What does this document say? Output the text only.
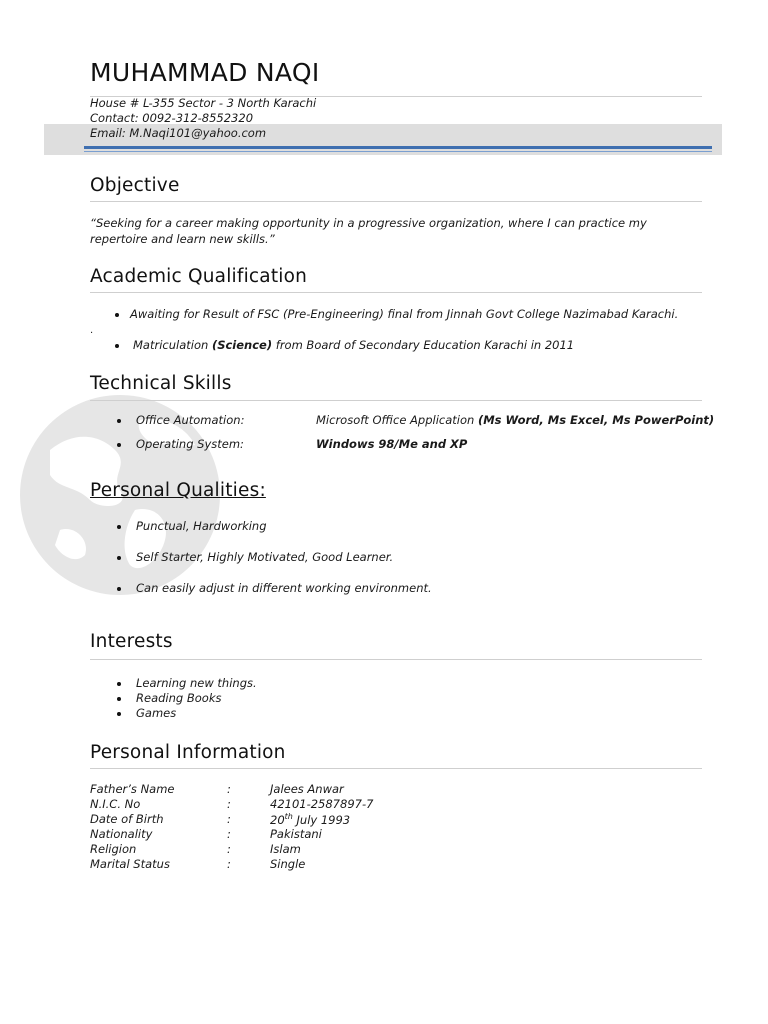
MUHAMMAD NAQI
House # L-355 Sector - 3 North Karachi
Contact: 0092-312-8552320
Email: M.Naqi101@yahoo.com
Objective
“Seeking for a career making opportunity in a progressive organization, where I can practice my repertoire and learn new skills.”
Academic Qualification
Awaiting for Result of FSC (Pre-Engineering) final from Jinnah Govt College Nazimabad Karachi.
.
Matriculation (Science) from Board of Secondary Education Karachi in 2011
Technical Skills
Office Automation:	Microsoft Office Application (Ms Word, Ms Excel, Ms PowerPoint)
Operating System:	Windows 98/Me and XP
Personal Qualities:
Punctual, Hardworking
Self Starter, Highly Motivated, Good Learner.
Can easily adjust in different working environment.
Interests
Learning new things.
Reading Books
Games
Personal Information
Father’s Name	:	Jalees Anwar
N.I.C. No	:	42101-2587897-7
Date of Birth	:	20th July 1993
Nationality	:	Pakistani
Religion	:	Islam
Marital Status	:	Single
